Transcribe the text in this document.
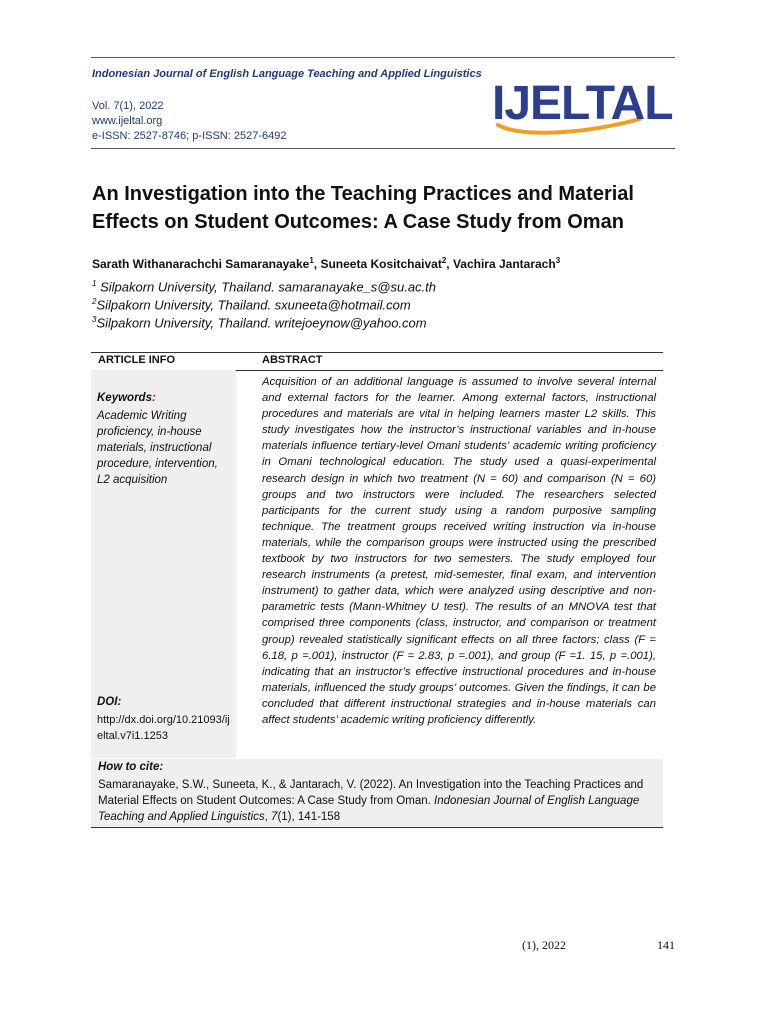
Indonesian Journal of English Language Teaching and Applied Linguistics
Vol. 7(1), 2022
www.ijeltal.org
e-ISSN: 2527-8746; p-ISSN: 2527-6492
IJELTAL
An Investigation into the Teaching Practices and Material Effects on Student Outcomes: A Case Study from Oman
Sarath Withanarachchi Samaranayake$^1$, Suneeta Kositchaivat$^2$, Vachira Jantarach$^3$
$^1$ Silpakorn University, Thailand. samaranayake_s@su.ac.th
$^2$Silpakorn University, Thailand. sxuneeta@hotmail.com
$^3$Silpakorn University, Thailand. writejoeynow@yahoo.com
ARTICLE INFO	ABSTRACT
Keywords:
Academic Writing proficiency, in-house materials, instructional procedure, intervention, L2 acquisition
DOI:
http://dx.doi.org/10.21093/ijeltal.v7i1.1253
Acquisition of an additional language is assumed to involve several internal and external factors for the learner. Among external factors, instructional procedures and materials are vital in helping learners master L2 skills. This study investigates how the instructor’s instructional variables and in-house materials influence tertiary-level Omani students’ academic writing proficiency in Omani technological education. The study used a quasi-experimental research design in which two treatment (N = 60) and comparison (N = 60) groups and two instructors were included. The researchers selected participants for the current study using a random purposive sampling technique. The treatment groups received writing instruction via in-house materials, while the comparison groups were instructed using the prescribed textbook by two instructors for two semesters. The study employed four research instruments (a pretest, mid-semester, final exam, and intervention instrument) to gather data, which were analyzed using descriptive and non-parametric tests (Mann-Whitney U test). The results of an MNOVA test that comprised three components (class, instructor, and comparison or treatment group) revealed statistically significant effects on all three factors; class (F = 6.18, p =.001), instructor (F = 2.83, p =.001), and group (F =1. 15, p =.001), indicating that an instructor’s effective instructional procedures and in-house materials, influenced the study groups’ outcomes. Given the findings, it can be concluded that different instructional strategies and in-house materials can affect students’ academic writing proficiency differently.
How to cite:
Samaranayake, S.W., Suneeta, K., & Jantarach, V. (2022). An Investigation into the Teaching Practices and Material Effects on Student Outcomes: A Case Study from Oman. Indonesian Journal of English Language Teaching and Applied Linguistics, 7(1), 141-158
(1), 2022	141
